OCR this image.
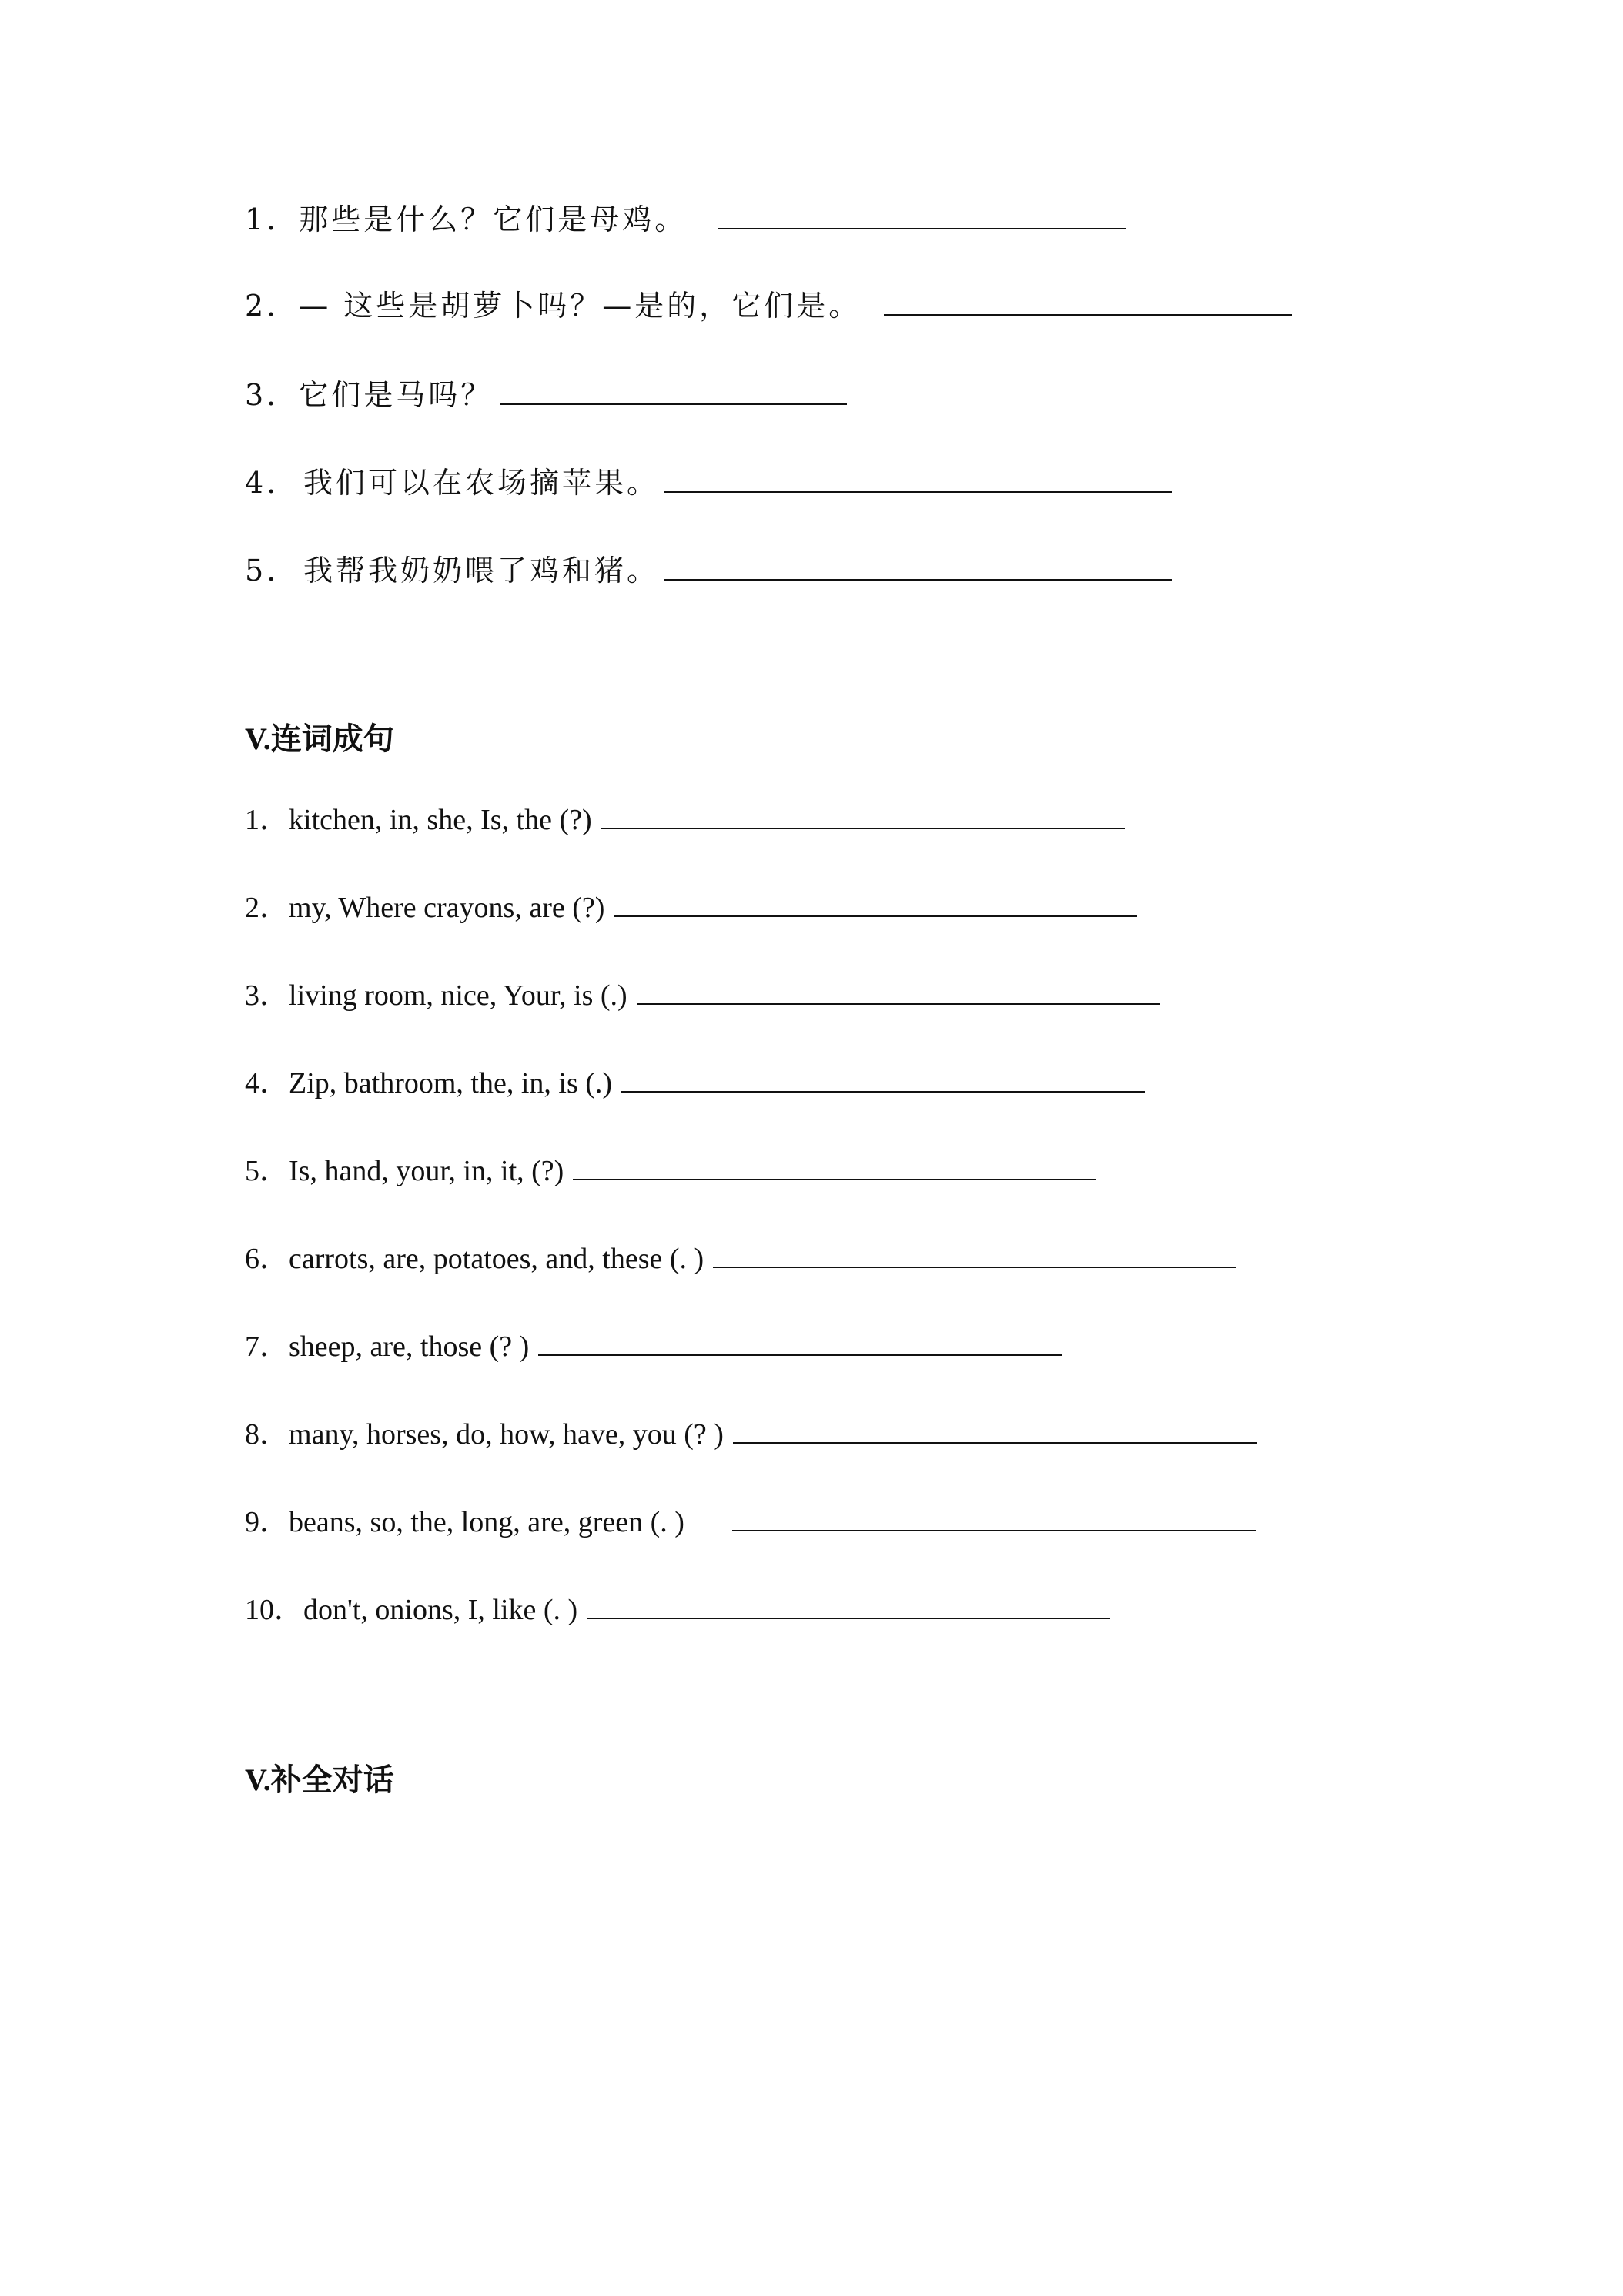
1．那些是什么？它们是母鸡。
2．— 这些是胡萝卜吗？—是的，它们是。
3．它们是马吗？
4. 我们可以在农场摘苹果。
5. 我帮我奶奶喂了鸡和猪。
V.连词成句
1．kitchen, in, she, Is, the (?)
2．my, Where crayons, are (?)
3．living room, nice, Your, is (.)
4．Zip, bathroom, the, in, is (.)
5．Is, hand, your, in, it, (?)
6．carrots, are, potatoes, and, these (. )
7．sheep, are, those (? )
8．many, horses, do, how, have, you (? )
9．beans, so, the, long, are, green (. )
10．don't, onions, I, like (. )
V.补全对话
